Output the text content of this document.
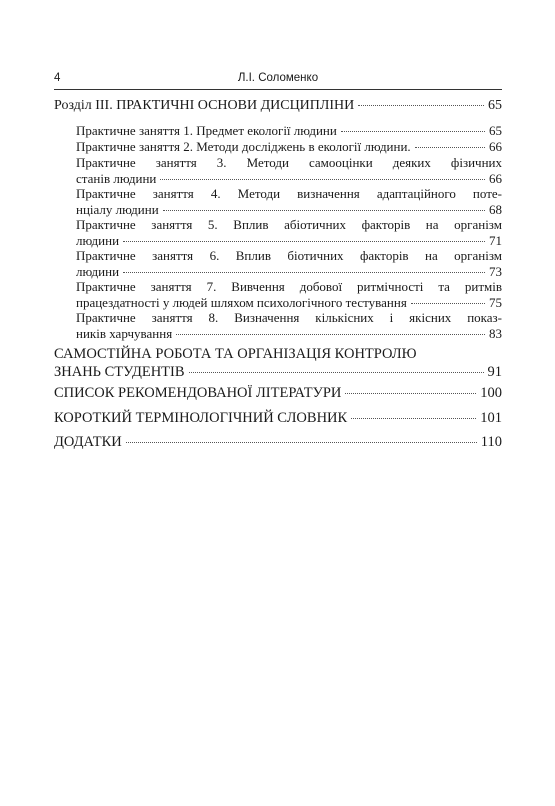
4	Л.І. Соломенко
Розділ III. ПРАКТИЧНІ ОСНОВИ ДИСЦИПЛІНИ	65
Практичне заняття 1. Предмет екології людини	65
Практичне заняття 2. Методи досліджень в екології людини.	66
Практичне заняття 3. Методи самооцінки деяких фізичних
станів людини	66
Практичне заняття 4. Методи визначення адаптаційного поте-
нціалу людини	68
Практичне заняття 5. Вплив абіотичних факторів на організм
людини	71
Практичне заняття 6. Вплив біотичних факторів на організм
людини	73
Практичне заняття 7. Вивчення добової ритмічності та ритмів
працездатності у людей шляхом психологічного тестування	75
Практичне заняття 8. Визначення кількісних і якісних показ-
ників харчування	83
САМОСТІЙНА РОБОТА ТА ОРГАНІЗАЦІЯ КОНТРОЛЮ
ЗНАНЬ СТУДЕНТІВ	91
СПИСОК РЕКОМЕНДОВАНОЇ ЛІТЕРАТУРИ	100
КОРОТКИЙ ТЕРМІНОЛОГІЧНИЙ СЛОВНИК	101
ДОДАТКИ	110
